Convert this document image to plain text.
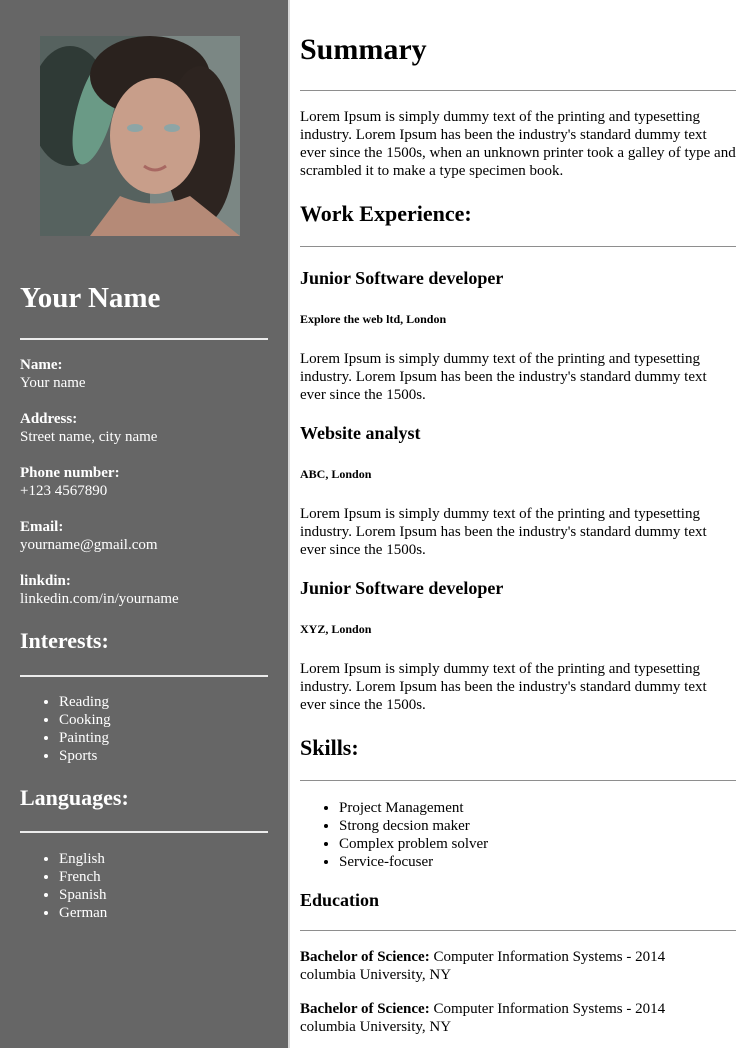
Your Name
Name:
Your name
Address:
Street name, city name
Phone number:
+123 4567890
Email:
yourname@gmail.com
linkdin:
linkedin.com/in/yourname
Interests:
• Reading
• Cooking
• Painting
• Sports
Languages:
• English
• French
• Spanish
• German
Summary
Lorem Ipsum is simply dummy text of the printing and typesetting industry. Lorem Ipsum has been the industry's standard dummy text ever since the 1500s, when an unknown printer took a galley of type and scrambled it to make a type specimen book.
Work Experience:
Junior Software developer
Explore the web ltd, London
Lorem Ipsum is simply dummy text of the printing and typesetting industry. Lorem Ipsum has been the industry's standard dummy text ever since the 1500s.
Website analyst
ABC, London
Lorem Ipsum is simply dummy text of the printing and typesetting industry. Lorem Ipsum has been the industry's standard dummy text ever since the 1500s.
Junior Software developer
XYZ, London
Lorem Ipsum is simply dummy text of the printing and typesetting industry. Lorem Ipsum has been the industry's standard dummy text ever since the 1500s.
Skills:
• Project Management
• Strong decsion maker
• Complex problem solver
• Service-focuser
Education
Bachelor of Science: Computer Information Systems - 2014
columbia University, NY
Bachelor of Science: Computer Information Systems - 2014
columbia University, NY
